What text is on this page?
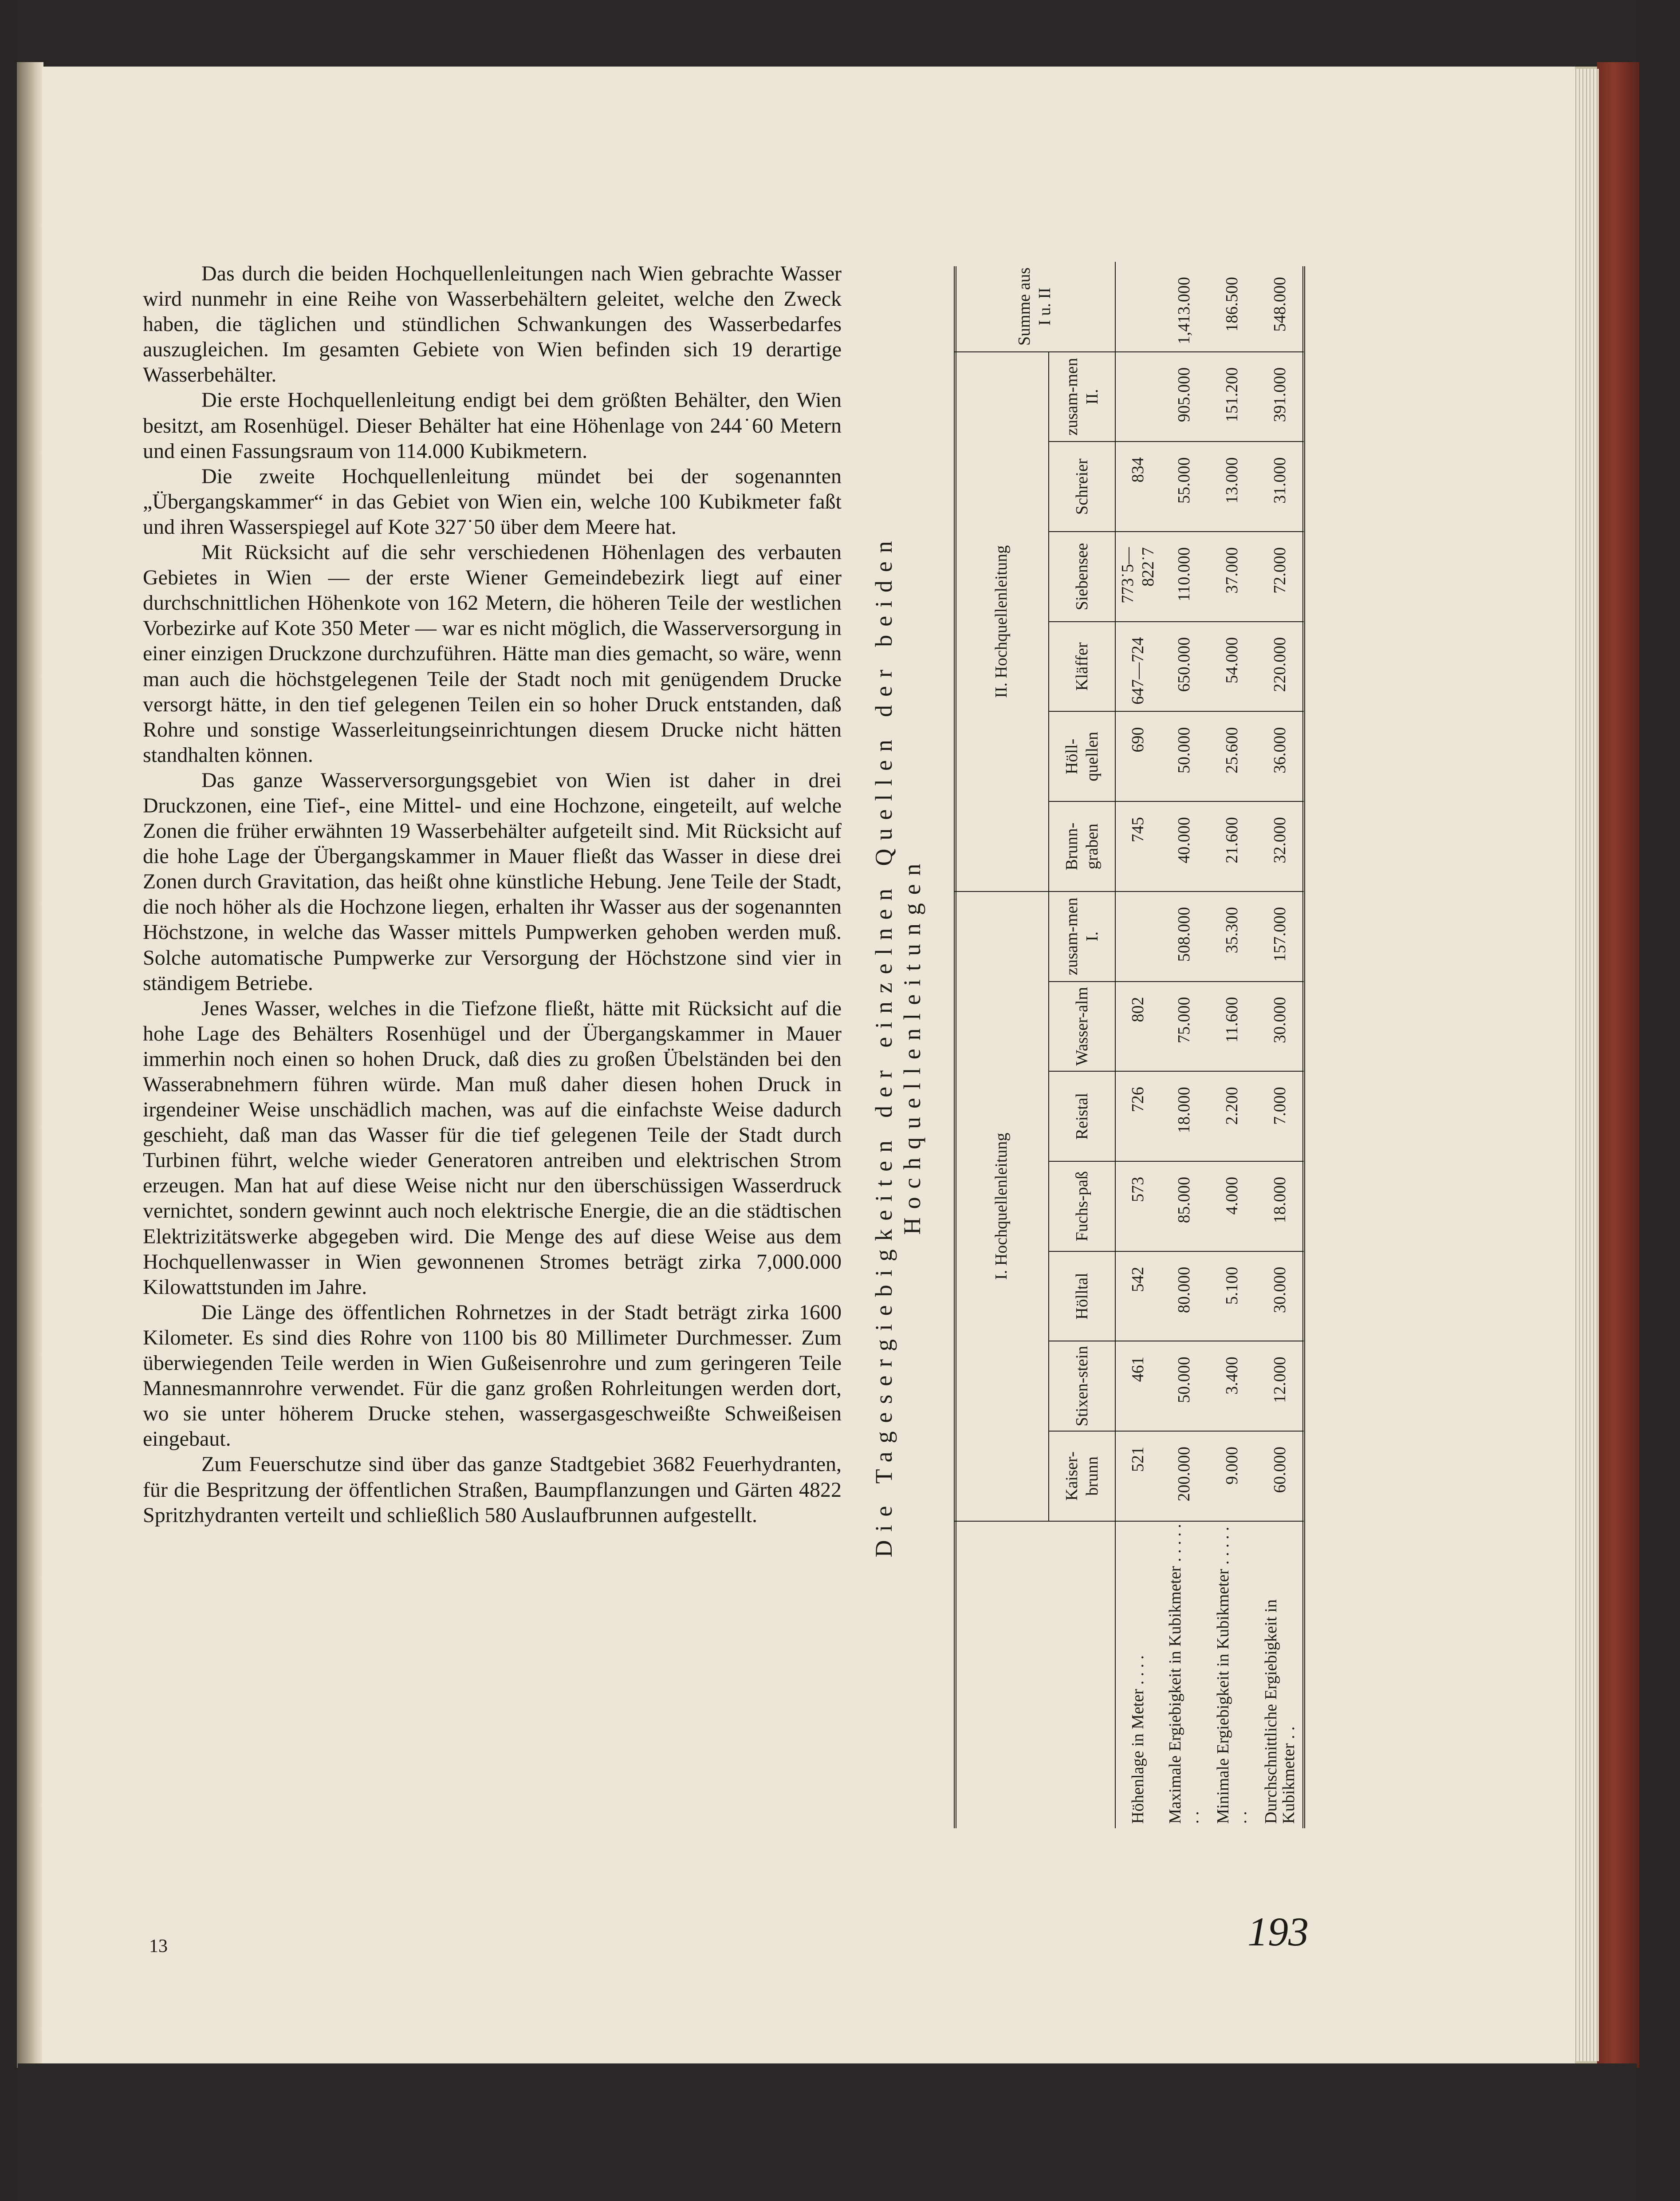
Das durch die beiden Hochquellenleitungen nach Wien gebrachte Wasser wird nunmehr in eine Reihe von Wasserbehältern geleitet, welche den Zweck haben, die täglichen und stündlichen Schwankungen des Wasserbedarfes auszugleichen. Im gesamten Gebiete von Wien befinden sich 19 derartige Wasserbehälter.

Die erste Hochquellenleitung endigt bei dem größten Behälter, den Wien besitzt, am Rosenhügel. Dieser Behälter hat eine Höhenlage von 244˙60 Metern und einen Fassungsraum von 114.000 Kubikmetern.

Die zweite Hochquellenleitung mündet bei der sogenannten „Übergangskammer“ in das Gebiet von Wien ein, welche 100 Kubikmeter faßt und ihren Wasserspiegel auf Kote 327˙50 über dem Meere hat.

Mit Rücksicht auf die sehr verschiedenen Höhenlagen des verbauten Gebietes in Wien — der erste Wiener Gemeindebezirk liegt auf einer durchschnittlichen Höhenkote von 162 Metern, die höheren Teile der westlichen Vorbezirke auf Kote 350 Meter — war es nicht möglich, die Wasserversorgung in einer einzigen Druckzone durchzuführen. Hätte man dies gemacht, so wäre, wenn man auch die höchstgelegenen Teile der Stadt noch mit genügendem Drucke versorgt hätte, in den tief gelegenen Teilen ein so hoher Druck entstanden, daß Rohre und sonstige Wasserleitungseinrichtungen diesem Drucke nicht hätten standhalten können.

Das ganze Wasserversorgungsgebiet von Wien ist daher in drei Druckzonen, eine Tief-, eine Mittel- und eine Hochzone, eingeteilt, auf welche Zonen die früher erwähnten 19 Wasserbehälter aufgeteilt sind. Mit Rücksicht auf die hohe Lage der Übergangskammer in Mauer fließt das Wasser in diese drei Zonen durch Gravitation, das heißt ohne künstliche Hebung. Jene Teile der Stadt, die noch höher als die Hochzone liegen, erhalten ihr Wasser aus der sogenannten Höchstzone, in welche das Wasser mittels Pumpwerken gehoben werden muß. Solche automatische Pumpwerke zur Versorgung der Höchstzone sind vier in ständigem Betriebe.

Jenes Wasser, welches in die Tiefzone fließt, hätte mit Rücksicht auf die hohe Lage des Behälters Rosenhügel und der Übergangskammer in Mauer immerhin noch einen so hohen Druck, daß dies zu großen Übelständen bei den Wasserabnehmern führen würde. Man muß daher diesen hohen Druck in irgendeiner Weise unschädlich machen, was auf die einfachste Weise dadurch geschieht, daß man das Wasser für die tief gelegenen Teile der Stadt durch Turbinen führt, welche wieder Generatoren antreiben und elektrischen Strom erzeugen. Man hat auf diese Weise nicht nur den überschüssigen Wasserdruck vernichtet, sondern gewinnt auch noch elektrische Energie, die an die städtischen Elektrizitätswerke abgegeben wird. Die Menge des auf diese Weise aus dem Hochquellenwasser in Wien gewonnenen Stromes beträgt zirka 7,000.000 Kilowattstunden im Jahre.

Die Länge des öffentlichen Rohrnetzes in der Stadt beträgt zirka 1600 Kilometer. Es sind dies Rohre von 1100 bis 80 Millimeter Durchmesser. Zum überwiegenden Teile werden in Wien Gußeisenrohre und zum geringeren Teile Mannesmannrohre verwendet. Für die ganz großen Rohrleitungen werden dort, wo sie unter höherem Drucke stehen, wassergasgeschweißte Schweißeisen eingebaut.

Zum Feuerschutze sind über das ganze Stadtgebiet 3682 Feuerhydranten, für die Bespritzung der öffentlichen Straßen, Baumpflanzungen und Gärten 4822 Spritzhydranten verteilt und schließlich 580 Auslaufbrunnen aufgestellt.	Die Tagesergiebigkeiten der einzelnen Quellen der beiden Hochquellenleitungen
		I. Hochquellenleitung							II. Hochquellenleitung						Summe aus I u. II
	Kaiser-brunn	Stixen-stein	Hölltal	Fuchs-paß	Reistal	Wasser-alm	zusam-men I.	Brunn-graben	Höll-quellen	Kläffer	Siebensee	Schreier	zusam-men II.	
Höhenlage in Meter . . . .	521	461	542	573	726	802		745	690	647—724	773˙5—822˙7	834		
Maximale Ergiebigkeit in Kubikmeter . . . . . . .	200.000	50.000	80.000	85.000	18.000	75.000	508.000	40.000	50.000	650.000	110.000	55.000	905.000	1,413.000
Minimale Ergiebigkeit in Kubikmeter . . . . . . .	9.000	3.400	5.100	4.000	2.200	11.600	35.300	21.600	25.600	54.000	37.000	13.000	151.200	186.500
Durchschnittliche Ergiebigkeit in Kubikmeter . .	60.000	12.000	30.000	18.000	7.000	30.000	157.000	32.000	36.000	220.000	72.000	31.000	391.000	548.000
13	193
